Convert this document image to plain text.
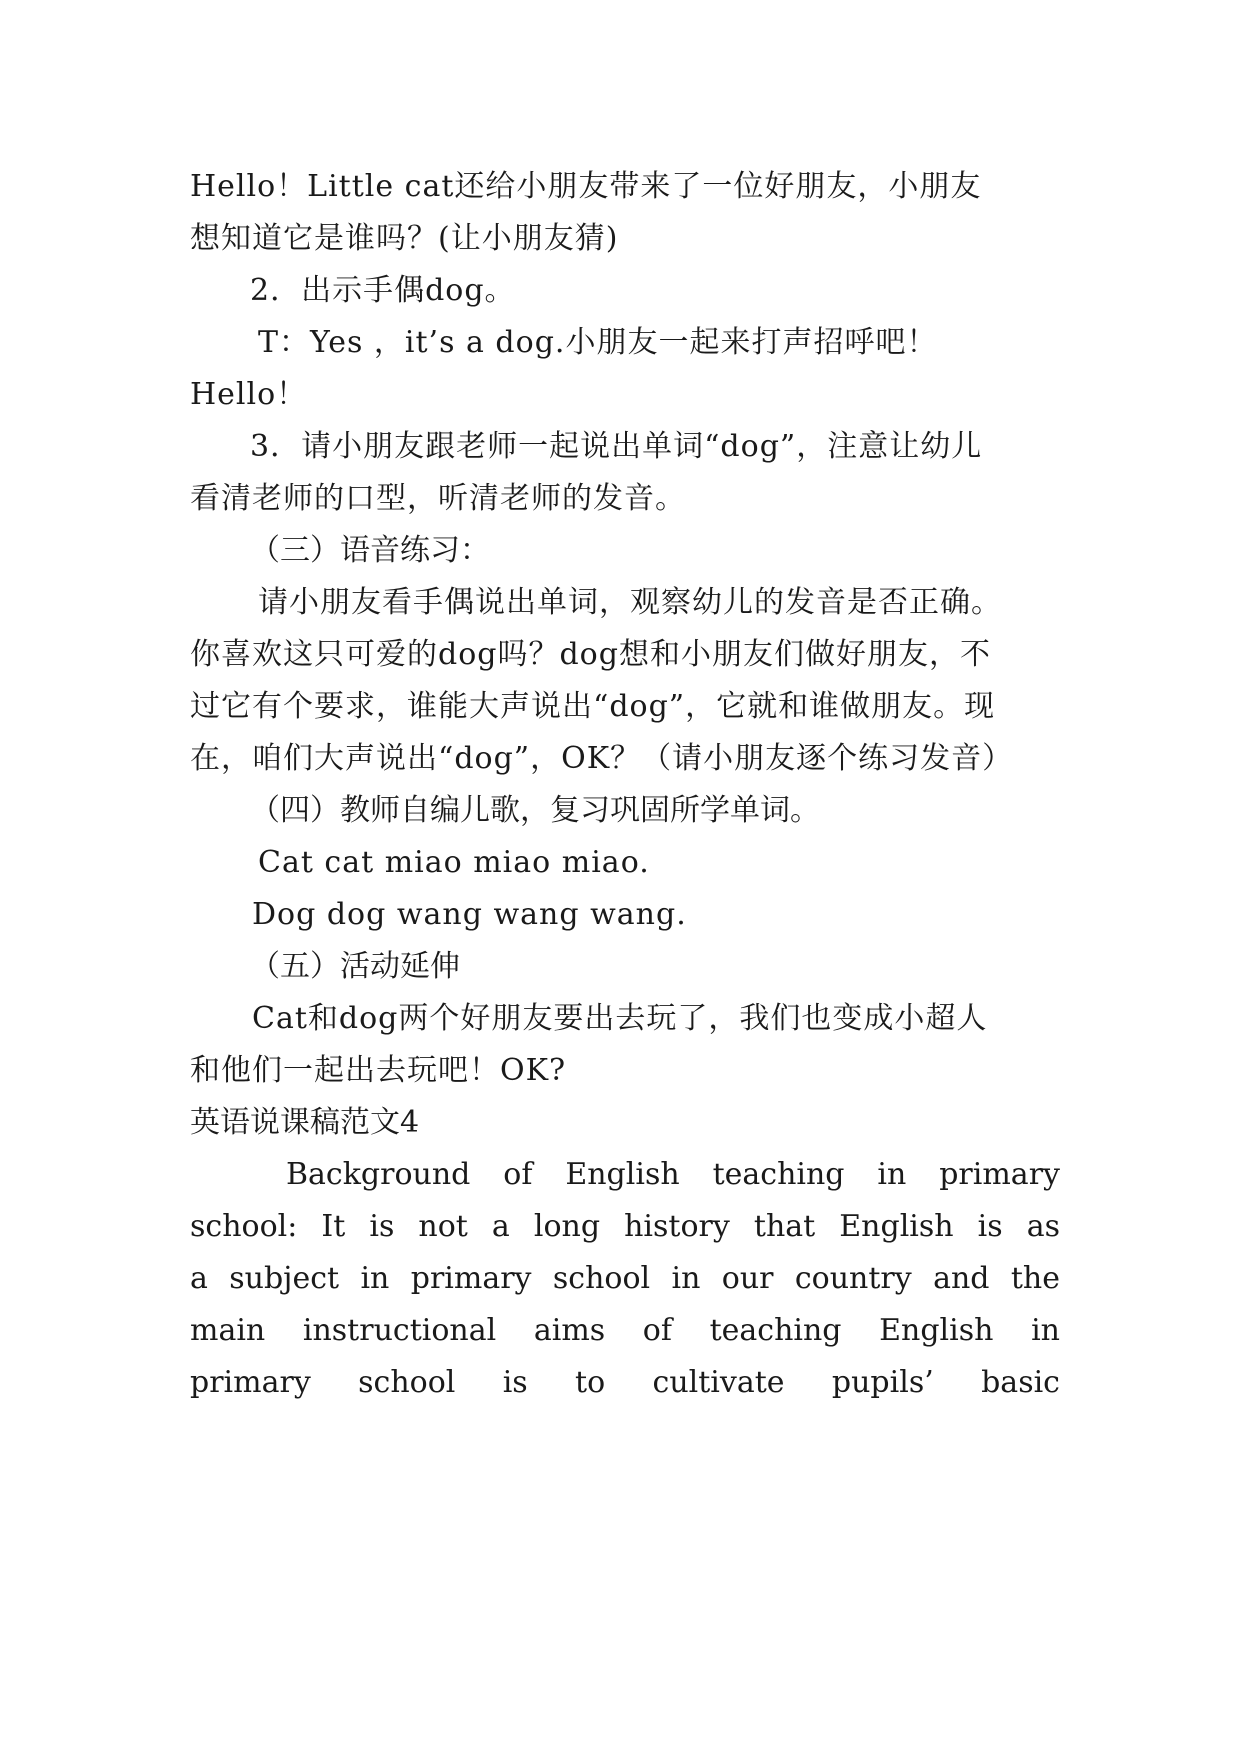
Hello！Little cat还给小朋友带来了一位好朋友，小朋友
想知道它是谁吗？(让小朋友猜)
2．出示手偶dog。
T：Yes ，it’s a dog.小朋友一起来打声招呼吧！
Hello！
3．请小朋友跟老师一起说出单词“dog”，注意让幼儿
看清老师的口型，听清老师的发音。
（三）语音练习：
请小朋友看手偶说出单词，观察幼儿的发音是否正确。
你喜欢这只可爱的dog吗？dog想和小朋友们做好朋友，不
过它有个要求，谁能大声说出“dog”，它就和谁做朋友。现
在，咱们大声说出“dog”，OK？（请小朋友逐个练习发音）
（四）教师自编儿歌，复习巩固所学单词。
Cat cat miao miao miao.
Dog dog wang wang wang.
（五）活动延伸
Cat和dog两个好朋友要出去玩了，我们也变成小超人
和他们一起出去玩吧！OK?
英语说课稿范文4
Background of English teaching in primary
school: It is not a long history that English is as
a subject in primary school in our country and the
main instructional aims of teaching English in
primary school is to cultivate pupils’ basic
